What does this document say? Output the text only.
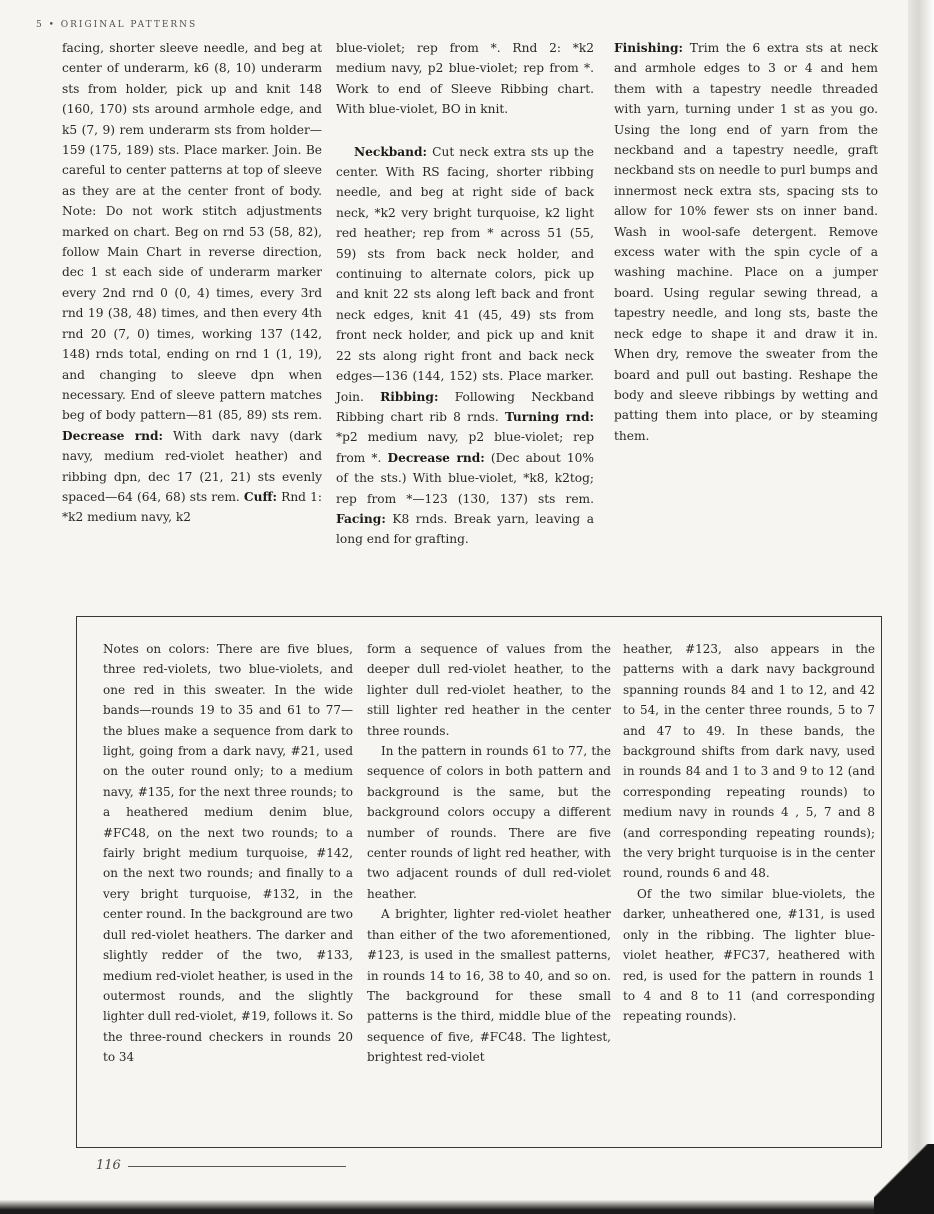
5 • ORIGINAL PATTERNS

facing, shorter sleeve needle, and beg at center of underarm, k6 (8, 10) underarm sts from holder, pick up and knit 148 (160, 170) sts around armhole edge, and k5 (7, 9) rem underarm sts from holder—159 (175, 189) sts. Place marker. Join. Be careful to center patterns at top of sleeve as they are at the center front of body. Note: Do not work stitch adjustments marked on chart. Beg on rnd 53 (58, 82), follow Main Chart in reverse direction, dec 1 st each side of underarm marker every 2nd rnd 0 (0, 4) times, every 3rd rnd 19 (38, 48) times, and then every 4th rnd 20 (7, 0) times, working 137 (142, 148) rnds total, ending on rnd 1 (1, 19), and changing to sleeve dpn when necessary. End of sleeve pattern matches beg of body pattern—81 (85, 89) sts rem. Decrease rnd: With dark navy (dark navy, medium red-violet heather) and ribbing dpn, dec 17 (21, 21) sts evenly spaced—64 (64, 68) sts rem. Cuff: Rnd 1: *k2 medium navy, k2

blue-violet; rep from *. Rnd 2: *k2 medium navy, p2 blue-violet; rep from *. Work to end of Sleeve Ribbing chart. With blue-violet, BO in knit.

Neckband: Cut neck extra sts up the center. With RS facing, shorter ribbing needle, and beg at right side of back neck, *k2 very bright turquoise, k2 light red heather; rep from * across 51 (55, 59) sts from back neck holder, and continuing to alternate colors, pick up and knit 22 sts along left back and front neck edges, knit 41 (45, 49) sts from front neck holder, and pick up and knit 22 sts along right front and back neck edges—136 (144, 152) sts. Place marker. Join. Ribbing: Following Neckband Ribbing chart rib 8 rnds. Turning rnd: *p2 medium navy, p2 blue-violet; rep from *. Decrease rnd: (Dec about 10% of the sts.) With blue-violet, *k8, k2tog; rep from *—123 (130, 137) sts rem. Facing: K8 rnds. Break yarn, leaving a long end for grafting.

Finishing: Trim the 6 extra sts at neck and armhole edges to 3 or 4 and hem them with a tapestry needle threaded with yarn, turning under 1 st as you go. Using the long end of yarn from the neckband and a tapestry needle, graft neckband sts on needle to purl bumps and innermost neck extra sts, spacing sts to allow for 10% fewer sts on inner band. Wash in wool-safe detergent. Remove excess water with the spin cycle of a washing machine. Place on a jumper board. Using regular sewing thread, a tapestry needle, and long sts, baste the neck edge to shape it and draw it in. When dry, remove the sweater from the board and pull out basting. Reshape the body and sleeve ribbings by wetting and patting them into place, or by steaming them.

Notes on colors: There are five blues, three red-violets, two blue-violets, and one red in this sweater. In the wide bands—rounds 19 to 35 and 61 to 77—the blues make a sequence from dark to light, going from a dark navy, #21, used on the outer round only; to a medium navy, #135, for the next three rounds; to a heathered medium denim blue, #FC48, on the next two rounds; to a fairly bright medium turquoise, #142, on the next two rounds; and finally to a very bright turquoise, #132, in the center round. In the background are two dull red-violet heathers. The darker and slightly redder of the two, #133, medium red-violet heather, is used in the outermost rounds, and the slightly lighter dull red-violet, #19, follows it. So the three-round checkers in rounds 20 to 34

form a sequence of values from the deeper dull red-violet heather, to the lighter dull red-violet heather, to the still lighter red heather in the center three rounds.

In the pattern in rounds 61 to 77, the sequence of colors in both pattern and background is the same, but the background colors occupy a different number of rounds. There are five center rounds of light red heather, with two adjacent rounds of dull red-violet heather.

A brighter, lighter red-violet heather than either of the two aforementioned, #123, is used in the smallest patterns, in rounds 14 to 16, 38 to 40, and so on. The background for these small patterns is the third, middle blue of the sequence of five, #FC48. The lightest, brightest red-violet

heather, #123, also appears in the patterns with a dark navy background spanning rounds 84 and 1 to 12, and 42 to 54, in the center three rounds, 5 to 7 and 47 to 49. In these bands, the background shifts from dark navy, used in rounds 84 and 1 to 3 and 9 to 12 (and corresponding repeating rounds) to medium navy in rounds 4 , 5, 7 and 8 (and corresponding repeating rounds); the very bright turquoise is in the center round, rounds 6 and 48.

Of the two similar blue-violets, the darker, unheathered one, #131, is used only in the ribbing. The lighter blue-violet heather, #FC37, heathered with red, is used for the pattern in rounds 1 to 4 and 8 to 11 (and corresponding repeating rounds).

116
